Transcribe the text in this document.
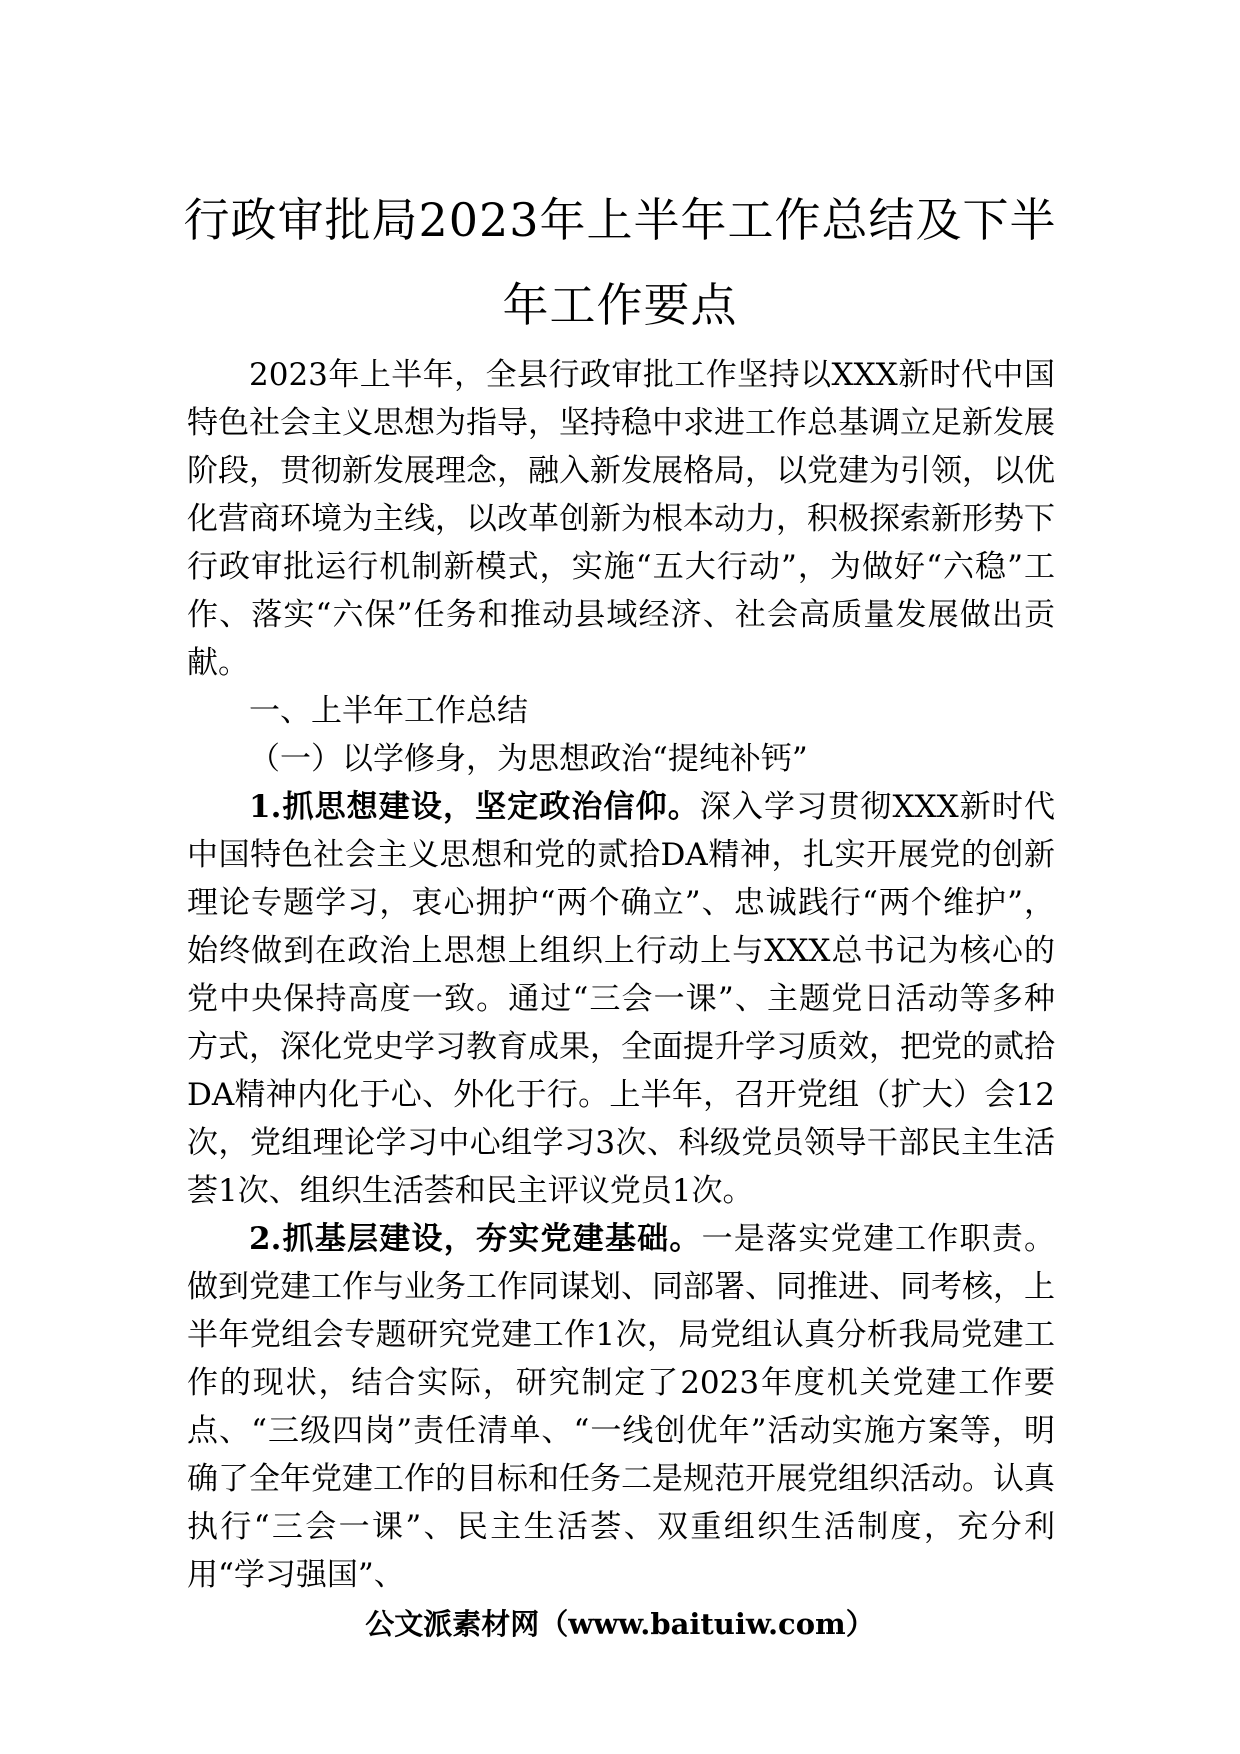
行政审批局2023年上半年工作总结及下半
年工作要点

2023年上半年，全县行政审批工作坚持以XXX新时代中国特色社会主义思想为指导，坚持稳中求进工作总基调立足新发展阶段，贯彻新发展理念，融入新发展格局，以党建为引领，以优化营商环境为主线，以改革创新为根本动力，积极探索新形势下行政审批运行机制新模式，实施“五大行动”，为做好“六稳”工作、落实“六保”任务和推动县域经济、社会高质量发展做出贡献。

一、上半年工作总结

（一）以学修身，为思想政治“提纯补钙”

1.抓思想建设，坚定政治信仰。深入学习贯彻XXX新时代中国特色社会主义思想和党的贰拾DA精神，扎实开展党的创新理论专题学习，衷心拥护“两个确立”、忠诚践行“两个维护”，始终做到在政治上思想上组织上行动上与XXX总书记为核心的党中央保持高度一致。通过“三会一课”、主题党日活动等多种方式，深化党史学习教育成果，全面提升学习质效，把党的贰拾DA精神内化于心、外化于行。上半年，召开党组（扩大）会12次，党组理论学习中心组学习3次、科级党员领导干部民主生活荟1次、组织生活荟和民主评议党员1次。

2.抓基层建设，夯实党建基础。一是落实党建工作职责。做到党建工作与业务工作同谋划、同部署、同推进、同考核，上半年党组会专题研究党建工作1次，局党组认真分析我局党建工作的现状，结合实际，研究制定了2023年度机关党建工作要点、“三级四岗”责任清单、“一线创优年”活动实施方案等，明确了全年党建工作的目标和任务二是规范开展党组织活动。认真执行“三会一课”、民主生活荟、双重组织生活制度，充分利用“学习强国”、

公文派素材网（www.baituiw.com）
